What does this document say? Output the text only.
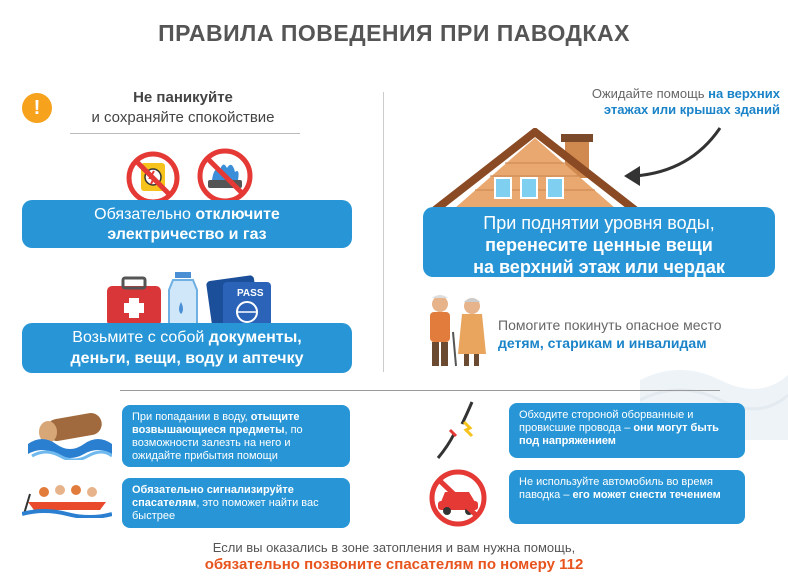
ПРАВИЛА ПОВЕДЕНИЯ ПРИ ПАВОДКАХ
!	Не паникуйте
и сохраняйте спокойствие
Обязательно отключите
электричество и газ
PASS
Возьмите с собой документы,
деньги, вещи, воду и аптечку
Ожидайте помощь на верхних
этажах или крышах зданий
При поднятии уровня воды,
перенесите ценные вещи
на верхний этаж или чердак
Помогите покинуть опасное место
детям, старикам и инвалидам
При попадании в воду, отыщите возвышающиеся предметы, по возможности залезть на него и ожидайте прибытия помощи
Обязательно сигнализируйте
спасателям, это поможет найти вас быстрее
Обходите стороной оборванные и провисшие провода – они могут быть под напряжением
Не используйте автомобиль во время паводка – его может снести течением
Если вы оказались в зоне затопления и вам нужна помощь,
обязательно позвоните спасателям по номеру 112
